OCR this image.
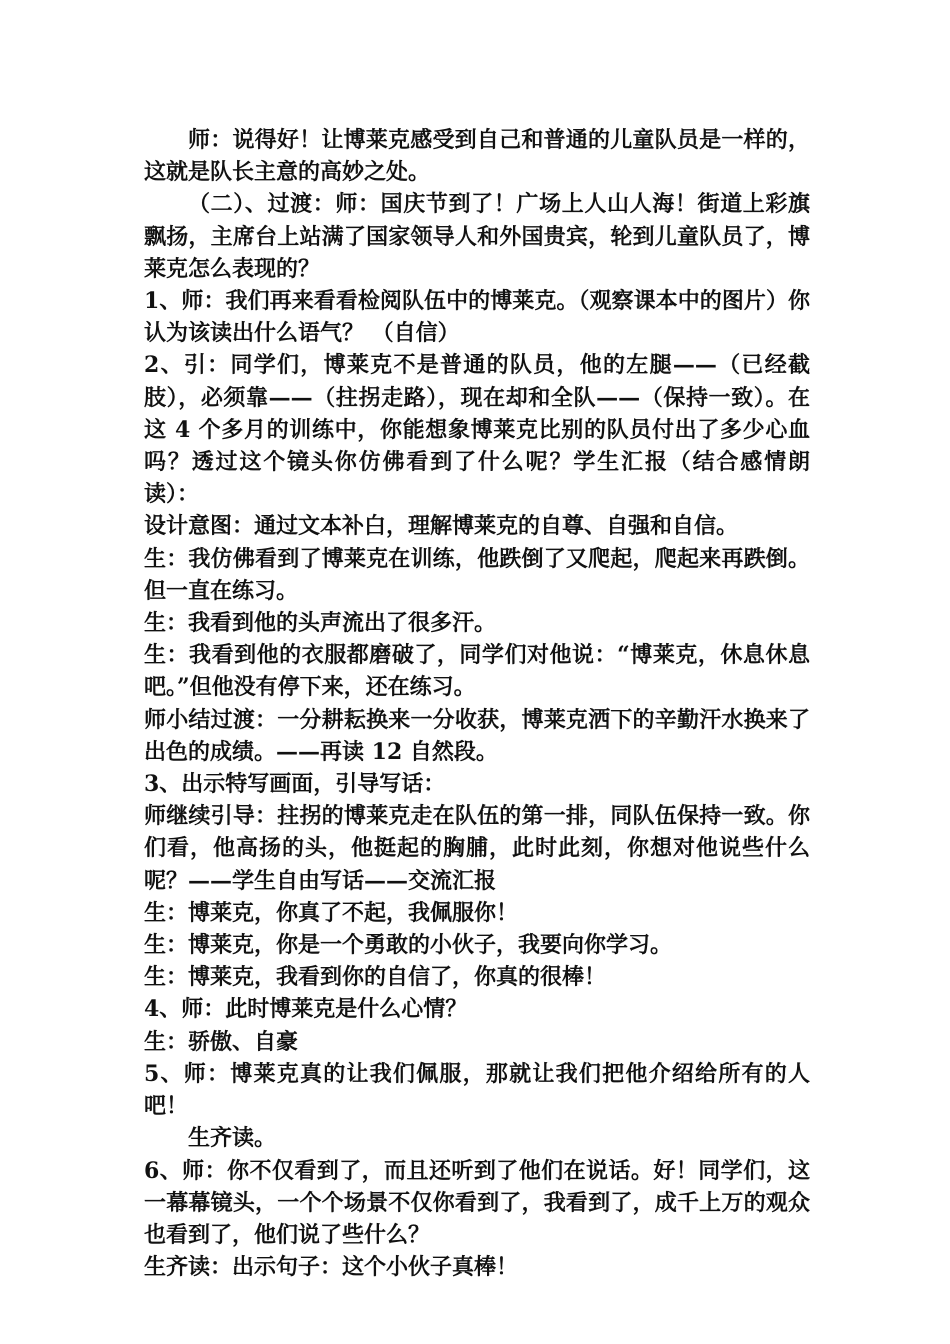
师：说得好！让博莱克感受到自己和普通的儿童队员是一样的，这就是队长主意的高妙之处。

（二）、过渡：师：国庆节到了！广场上人山人海！街道上彩旗飘扬，主席台上站满了国家领导人和外国贵宾，轮到儿童队员了，博莱克怎么表现的？

1、师：我们再来看看检阅队伍中的博莱克。（观察课本中的图片）你认为该读出什么语气？ （自信）

2、引：同学们，博莱克不是普通的队员，他的左腿——（已经截肢），必须靠——（拄拐走路），现在却和全队——（保持一致）。在这 4 个多月的训练中，你能想象博莱克比别的队员付出了多少心血吗？透过这个镜头你仿佛看到了什么呢？学生汇报（结合感情朗读）：

设计意图：通过文本补白，理解博莱克的自尊、自强和自信。

生：我仿佛看到了博莱克在训练，他跌倒了又爬起，爬起来再跌倒。但一直在练习。

生：我看到他的头声流出了很多汗。

生：我看到他的衣服都磨破了，同学们对他说：“博莱克，休息休息吧。”但他没有停下来，还在练习。

师小结过渡：一分耕耘换来一分收获，博莱克洒下的辛勤汗水换来了出色的成绩。——再读 12 自然段。

3、出示特写画面，引导写话：

师继续引导：拄拐的博莱克走在队伍的第一排，同队伍保持一致。你们看，他高扬的头，他挺起的胸脯，此时此刻，你想对他说些什么呢？——学生自由写话——交流汇报

生：博莱克，你真了不起，我佩服你！

生：博莱克，你是一个勇敢的小伙子，我要向你学习。

生：博莱克，我看到你的自信了，你真的很棒！

4、师：此时博莱克是什么心情？

生：骄傲、自豪

5、师：博莱克真的让我们佩服，那就让我们把他介绍给所有的人吧！

生齐读。

6、师：你不仅看到了，而且还听到了他们在说话。好！同学们，这一幕幕镜头，一个个场景不仅你看到了，我看到了，成千上万的观众也看到了，他们说了些什么？

生齐读：出示句子：这个小伙子真棒！
